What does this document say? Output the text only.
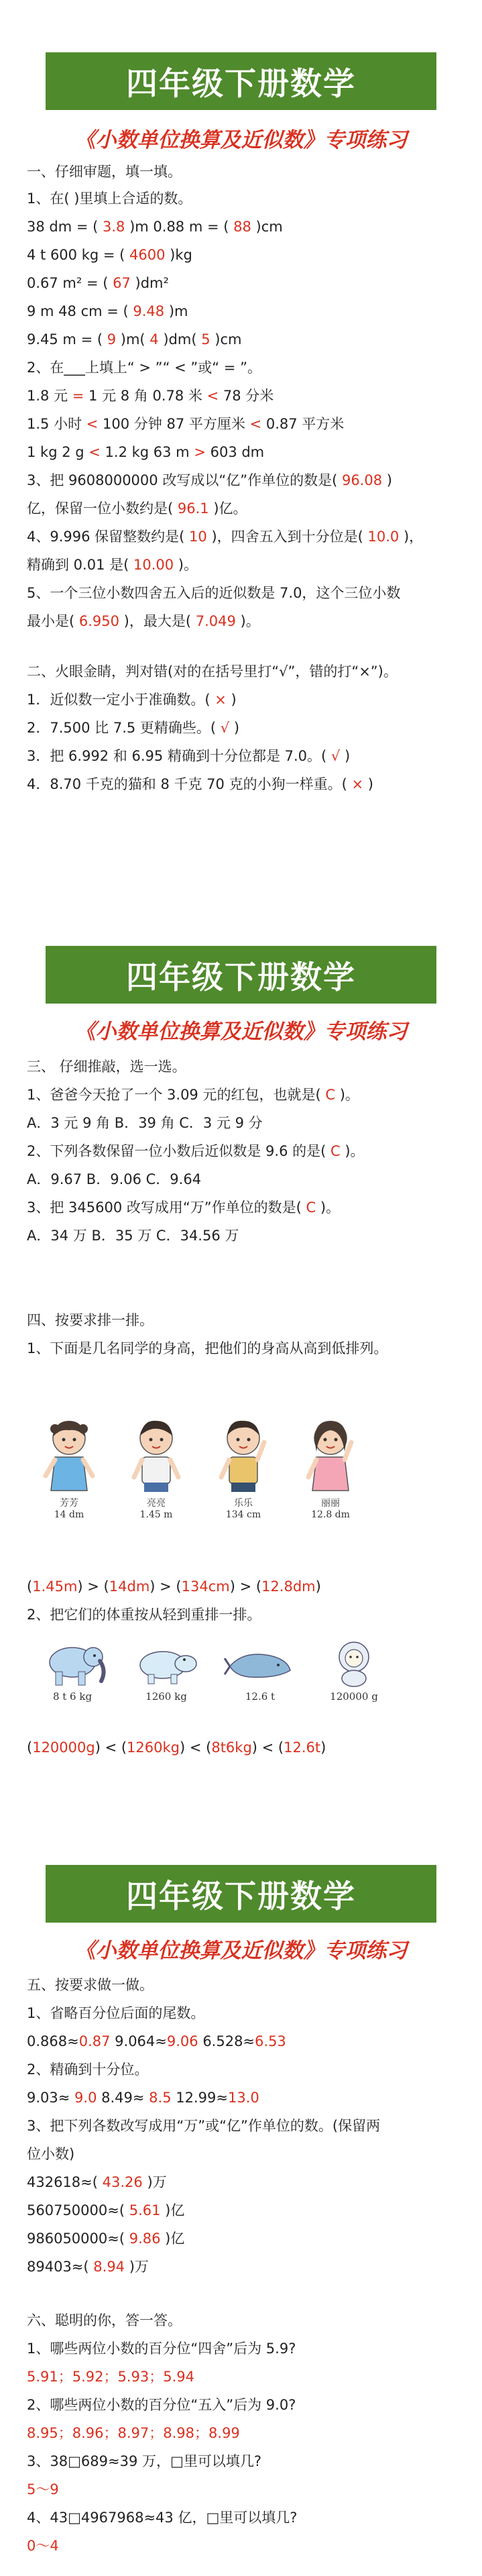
四年级下册数学
《小数单位换算及近似数》专项练习
一、仔细审题，填一填。
1、在( )里填上合适的数。
38 dm = ( 3.8 )m 0.88 m = ( 88 )cm
4 t 600 kg = ( 4600 )kg
0.67 m² = ( 67 )dm²
9 m 48 cm = ( 9.48 )m
9.45 m = ( 9 )m( 4 )dm( 5 )cm
2、在___上填上“ > ”“ < ”或“ = ”。
1.8 元 = 1 元 8 角 0.78 米 < 78 分米
1.5 小时 < 100 分钟 87 平方厘米 < 0.87 平方米
1 kg 2 g < 1.2 kg 63 m > 603 dm
3、把 9608000000 改写成以“亿”作单位的数是( 96.08 )
亿，保留一位小数约是( 96.1 )亿。
4、9.996 保留整数约是( 10 )，四舍五入到十分位是( 10.0 )，
精确到 0.01 是( 10.00 )。
5、一个三位小数四舍五入后的近似数是 7.0，这个三位小数
最小是( 6.950 )，最大是( 7.049 )。
二、火眼金睛，判对错(对的在括号里打“√”，错的打“×”)。
1．近似数一定小于准确数。( × )
2．7.500 比 7.5 更精确些。( √ )
3．把 6.992 和 6.95 精确到十分位都是 7.0。( √ )
4．8.70 千克的猫和 8 千克 70 克的小狗一样重。( × )
四年级下册数学
《小数单位换算及近似数》专项练习
三、 仔细推敲，选一选。
1、爸爸今天抢了一个 3.09 元的红包，也就是( C )。
A．3 元 9 角 B．39 角 C．3 元 9 分
2、下列各数保留一位小数后近似数是 9.6 的是( C )。
A．9.67 B．9.06 C．9.64
3、把 345600 改写成用“万”作单位的数是( C )。
A．34 万 B．35 万 C．34.56 万
四、按要求排一排。
1、下面是几名同学的身高，把他们的身高从高到低排列。
(1.45m) > (14dm) > (134cm) > (12.8dm)
2、把它们的体重按从轻到重排一排。
(120000g) < (1260kg) < (8t6kg) < (12.6t)
芳芳
14 dm
亮亮
1.45 m
乐乐
134 cm
丽丽
12.8 dm
8 t 6 kg	1260 kg	12.6 t	120000 g
四年级下册数学
《小数单位换算及近似数》专项练习
五、按要求做一做。
1、省略百分位后面的尾数。
0.868≈0.87 9.064≈9.06 6.528≈6.53
2、精确到十分位。
9.03≈ 9.0 8.49≈ 8.5 12.99≈13.0
3、把下列各数改写成用“万”或“亿”作单位的数。(保留两
位小数)
432618≈( 43.26 )万
560750000≈( 5.61 )亿
986050000≈( 9.86 )亿
89403≈( 8.94 )万
六、聪明的你，答一答。
1、哪些两位小数的百分位“四舍”后为 5.9?
5.91；5.92；5.93；5.94
2、哪些两位小数的百分位“五入”后为 9.0?
8.95；8.96；8.97；8.98；8.99
3、38□689≈39 万，□里可以填几?
5～9
4、43□4967968≈43 亿，□里可以填几?
0～4
